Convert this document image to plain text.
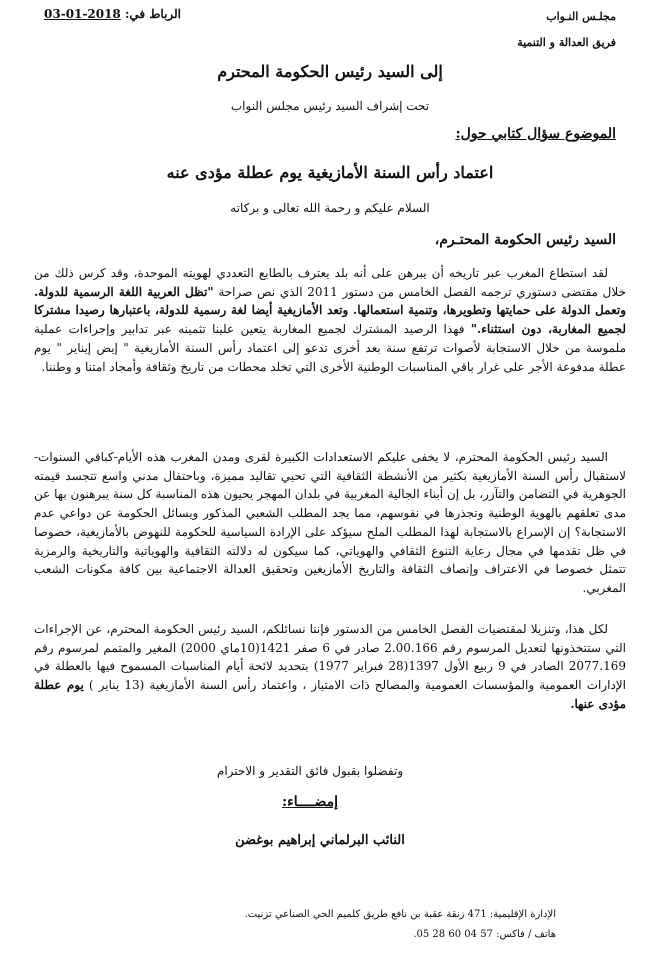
الرباط في: 2018-01-03	مجلـس النـواب
فريق العدالة و التنمية
إلى السيد رئيس الحكومة المحترم
تحت إشراف السيد رئيس مجلس النواب
الموضوع سؤال كتابي حول:
اعتماد رأس السنة الأمازيغية يوم عطلة مؤدى عنه
السلام عليكم و رحمة الله تعالى و بركاته
السيد رئيس الحكومة المحتـرم،
لقد استطاع المغرب عبر تاريخه أن يبرهن على أنه بلد يعترف بالطابع التعددي لهويته الموحدة، وقد كرس ذلك من خلال مقتضى دستوري ترجمه الفصل الخامس من دستور 2011 الذي نص صراحة "تظل العربية اللغة الرسمية للدولة. وتعمل الدولة على حمايتها وتطويرها، وتنمية استعمالها. وتعد الأمازيغية أيضا لغة رسمية للدولة، باعتبارها رصيدا مشتركا لجميع المغاربة، دون استثناء." فهذا الرصيد المشترك لجميع المغاربة يتعين علينا تثمينه عبر تدابير وإجراءات عملية ملموسة من خلال الاستجابة لأصوات ترتفع سنة بعد أخرى تدعو إلى اعتماد رأس السنة الأمازيغية " إيض إيناير " يوم عطلة مدفوعة الأجر على غرار باقي المناسبات الوطنية الأخرى التي تخلد محطات من تاريخ وثقافة وأمجاد امتنا و وطننا.
السيد رئيس الحكومة المحترم، لا يخفى عليكم الاستعدادات الكبيرة لقرى ومدن المغرب هذه الأيام-كباقي السنوات- لاستقبال رأس السنة الأمازيغية بكثير من الأنشطة الثقافية التي تحيي تقاليد مميزة، وباحتفال مدني واسع تتجسد قيمته الجوهرية في التضامن والتآزر، بل إن أبناء الجالية المغربية في بلدان المهجر يحيون هذه المناسبة كل سنة يبرهنون بها عن مدى تعلقهم بالهوية الوطنية وتجذرها في نفوسهم، مما يجد المطلب الشعبي المذكور ويسائل الحكومة عن دواعي عدم الاستجابة؟ إن الإسراع بالاستجابة لهذا المطلب الملح سيؤكد على الإرادة السياسية للحكومة للنهوض بالأمازيغية، خصوصا في ظل تقدمها في مجال رعاية التنوع الثقافي والهوياتي، كما سيكون له دلالته الثقافية والهوياتية والتاريخية والرمزية تتمثل خصوصا في الاعتراف وإنصاف الثقافة والتاريخ الأمازيغين وتحقيق العدالة الاجتماعية بين كافة مكونات الشعب المغربي.
لكل هذا، وتنزيلا لمقتضيات الفصل الخامس من الدستور فإننا نسائلكم، السيد رئيس الحكومة المحترم، عن الإجراءات التي ستتخذونها لتعديل المرسوم رقم 2.00.166 صادر في 6 صفر 1421(10ماي 2000) المغير والمتمم لمرسوم رقم 2077.169 الصادر في 9 ربيع الأول 1397(28 فبراير 1977) بتحديد لائحة أيام المناسبات المسموح فيها بالعطلة في الإدارات العمومية والمؤسسات العمومية والمصالح ذات الامتياز ، واعتماد رأس السنة الأمازيغية (13 يناير ) يوم عطلة مؤدى عنها.
وتفضلوا بقبول فائق التقدير و الاحترام
إمضــــاء:
النائب البرلماني إبراهيم بوغضن
الإدارة الإقليمية: 471 زنقة عقبة بن نافع طريق كلميم الحي الصناعي تزنيت.
هاتف / فاكس: 57 04 60 28 05.
